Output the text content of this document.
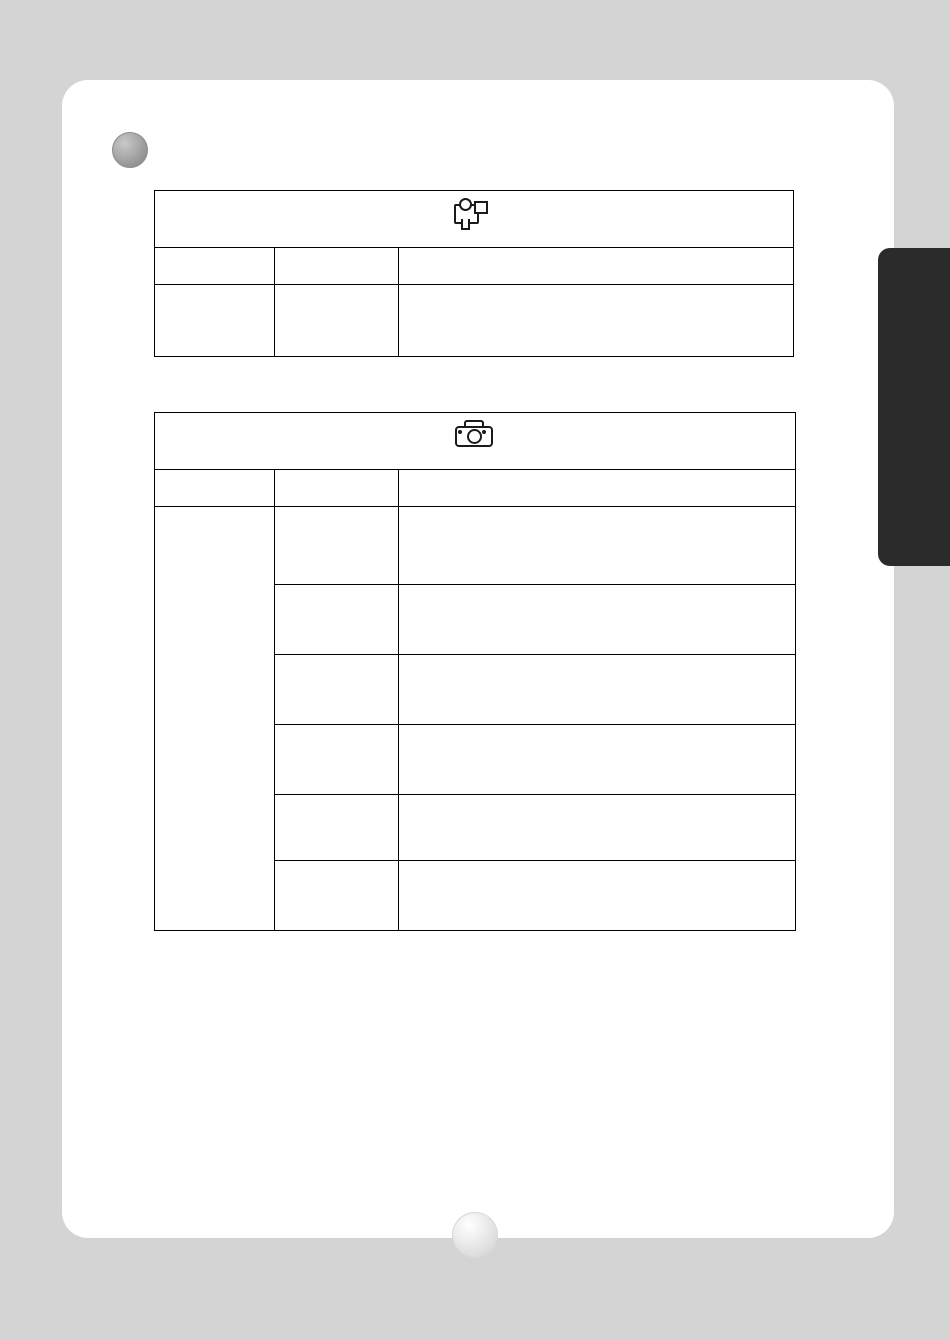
Erweiterte Funktionen
